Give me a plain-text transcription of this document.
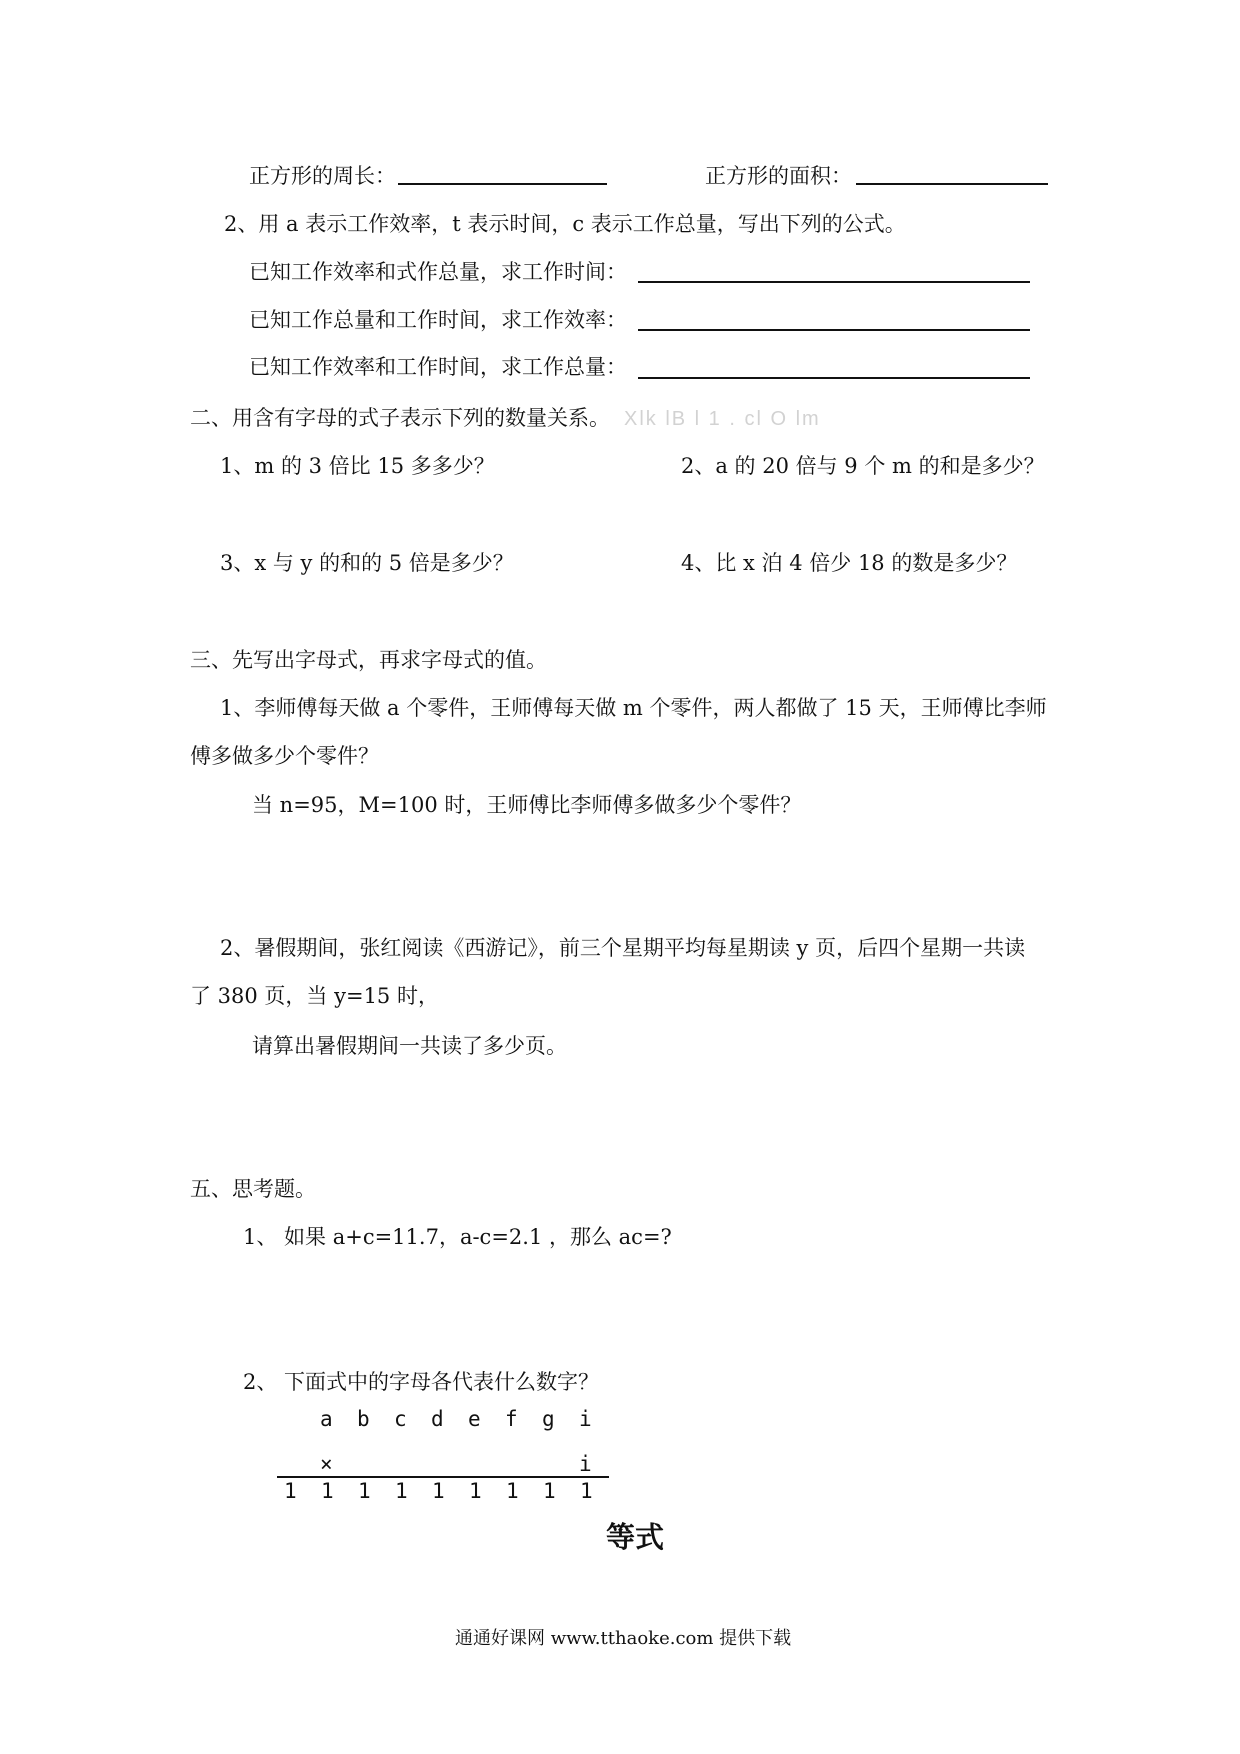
正方形的周长：	正方形的面积：
2、用 a 表示工作效率，t 表示时间，c 表示工作总量，写出下列的公式。
已知工作效率和式作总量，求工作时间：
已知工作总量和工作时间，求工作效率：
已知工作效率和工作时间，求工作总量：
二、用含有字母的式子表示下列的数量关系。 Xlk lB l 1 . cl O lm
1、m 的 3 倍比 15 多多少？	2、a 的 20 倍与 9 个 m 的和是多少？
3、x 与 y 的和的 5 倍是多少？	4、比 x 泊 4 倍少 18 的数是多少？
三、先写出字母式，再求字母式的值。
1、李师傅每天做 a 个零件，王师傅每天做 m 个零件，两人都做了 15 天，王师傅比李师
傅多做多少个零件？
当 n=95，M=100 时，王师傅比李师傅多做多少个零件？
2、暑假期间，张红阅读《西游记》，前三个星期平均每星期读 y 页，后四个星期一共读
了 380 页，当 y=15 时，
请算出暑假期间一共读了多少页。
五、思考题。
1、 如果 a+c=11.7，a-c=2.1 ，那么 ac=?
2、 下面式中的字母各代表什么数字？
a b c d e f g i
×	i
1 1 1 1 1 1 1 1 1
等式
通通好课网 www.tthaoke.com 提供下载
